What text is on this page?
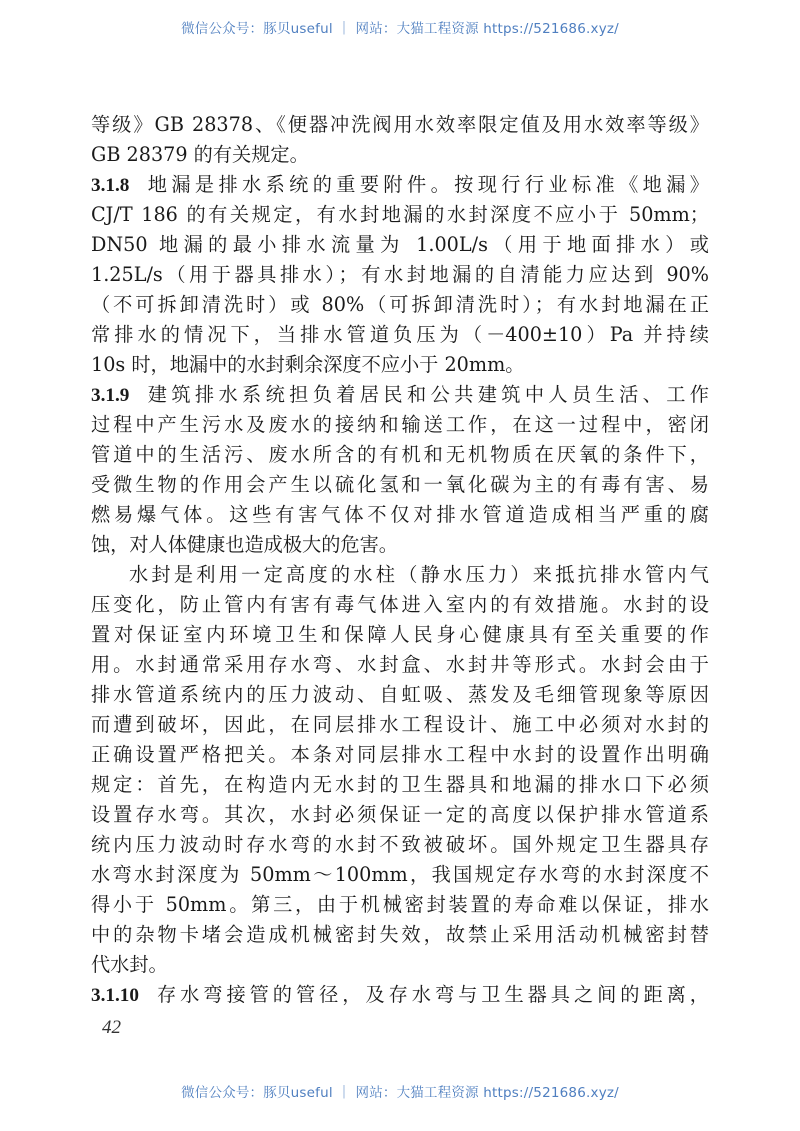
微信公众号：豚贝useful ｜ 网站：大猫工程资源 https://521686.xyz/
等级》GB 28378、《便器冲洗阀用水效率限定值及用水效率等级》
GB 28379 的有关规定。
3.1.8 地漏是排水系统的重要附件。按现行行业标准《地漏》
CJ/T 186 的有关规定，有水封地漏的水封深度不应小于 50mm；
DN50 地漏的最小排水流量为 1.00L/s（用于地面排水）或
1.25L/s（用于器具排水）；有水封地漏的自清能力应达到 90%
（不可拆卸清洗时）或 80%（可拆卸清洗时）；有水封地漏在正
常排水的情况下，当排水管道负压为（－400±10）Pa 并持续
10s 时，地漏中的水封剩余深度不应小于 20mm。
3.1.9 建筑排水系统担负着居民和公共建筑中人员生活、工作
过程中产生污水及废水的接纳和输送工作，在这一过程中，密闭
管道中的生活污、废水所含的有机和无机物质在厌氧的条件下，
受微生物的作用会产生以硫化氢和一氧化碳为主的有毒有害、易
燃易爆气体。这些有害气体不仅对排水管道造成相当严重的腐
蚀，对人体健康也造成极大的危害。
水封是利用一定高度的水柱（静水压力）来抵抗排水管内气
压变化，防止管内有害有毒气体进入室内的有效措施。水封的设
置对保证室内环境卫生和保障人民身心健康具有至关重要的作
用。水封通常采用存水弯、水封盒、水封井等形式。水封会由于
排水管道系统内的压力波动、自虹吸、蒸发及毛细管现象等原因
而遭到破坏，因此，在同层排水工程设计、施工中必须对水封的
正确设置严格把关。本条对同层排水工程中水封的设置作出明确
规定：首先，在构造内无水封的卫生器具和地漏的排水口下必须
设置存水弯。其次，水封必须保证一定的高度以保护排水管道系
统内压力波动时存水弯的水封不致被破坏。国外规定卫生器具存
水弯水封深度为 50mm～100mm，我国规定存水弯的水封深度不
得小于 50mm。第三，由于机械密封装置的寿命难以保证，排水
中的杂物卡堵会造成机械密封失效，故禁止采用活动机械密封替
代水封。
3.1.10 存水弯接管的管径，及存水弯与卫生器具之间的距离，
42
微信公众号：豚贝useful ｜ 网站：大猫工程资源 https://521686.xyz/
